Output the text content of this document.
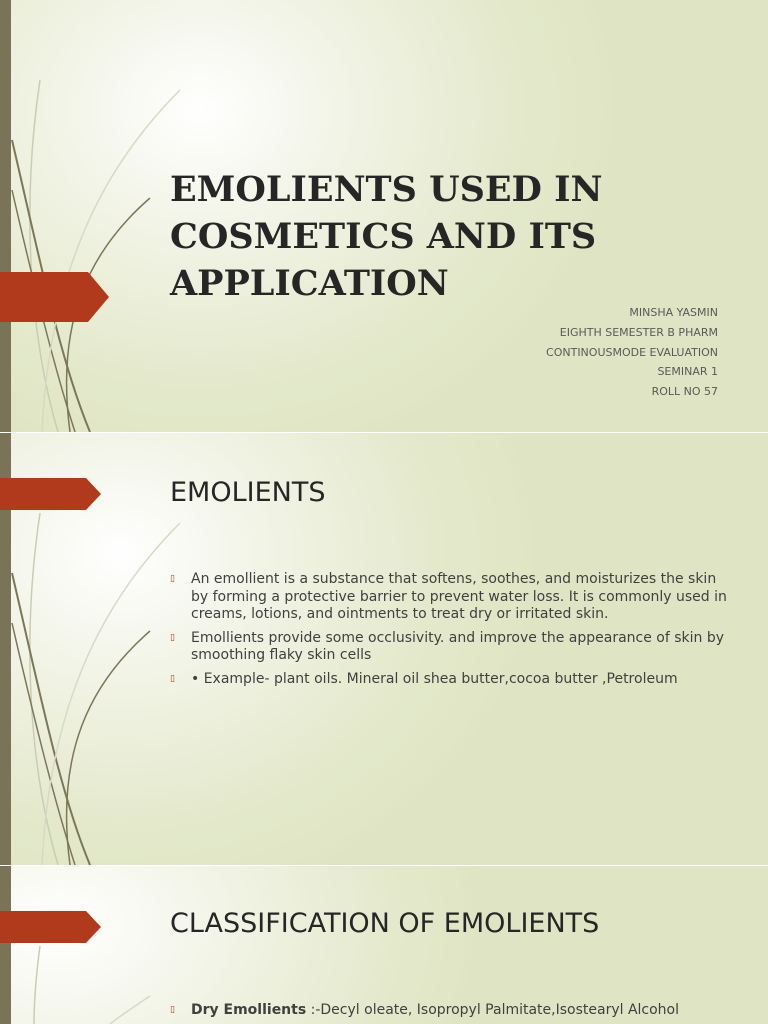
EMOLIENTS USED IN COSMETICS AND ITS APPLICATION
MINSHA YASMIN
EIGHTH SEMESTER B PHARM
CONTINOUSMODE EVALUATION
SEMINAR 1
ROLL NO 57
EMOLIENTS
▯ An emollient is a substance that softens, soothes, and moisturizes the skin by forming a protective barrier to prevent water loss. It is commonly used in creams, lotions, and ointments to treat dry or irritated skin.
▯ Emollients provide some occlusivity. and improve the appearance of skin by smoothing flaky skin cells
▯ • Example- plant oils. Mineral oil shea butter,cocoa butter ,Petroleum
CLASSIFICATION OF EMOLIENTS
▯ Dry Emollients :-Decyl oleate, Isopropyl Palmitate,Isostearyl Alcohol
